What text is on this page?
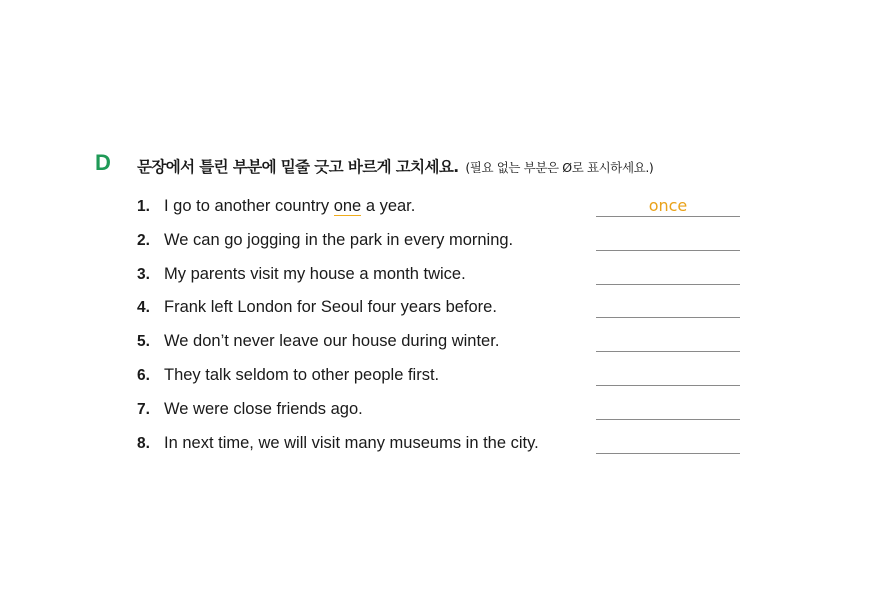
D 문장에서 틀린 부분에 밑줄 긋고 바르게 고치세요. (필요 없는 부분은 Ø로 표시하세요.)
1. I go to another country one a year.	once
2. We can go jogging in the park in every morning.
3. My parents visit my house a month twice.
4. Frank left London for Seoul four years before.
5. We don’t never leave our house during winter.
6. They talk seldom to other people first.
7. We were close friends ago.
8. In next time, we will visit many museums in the city.
